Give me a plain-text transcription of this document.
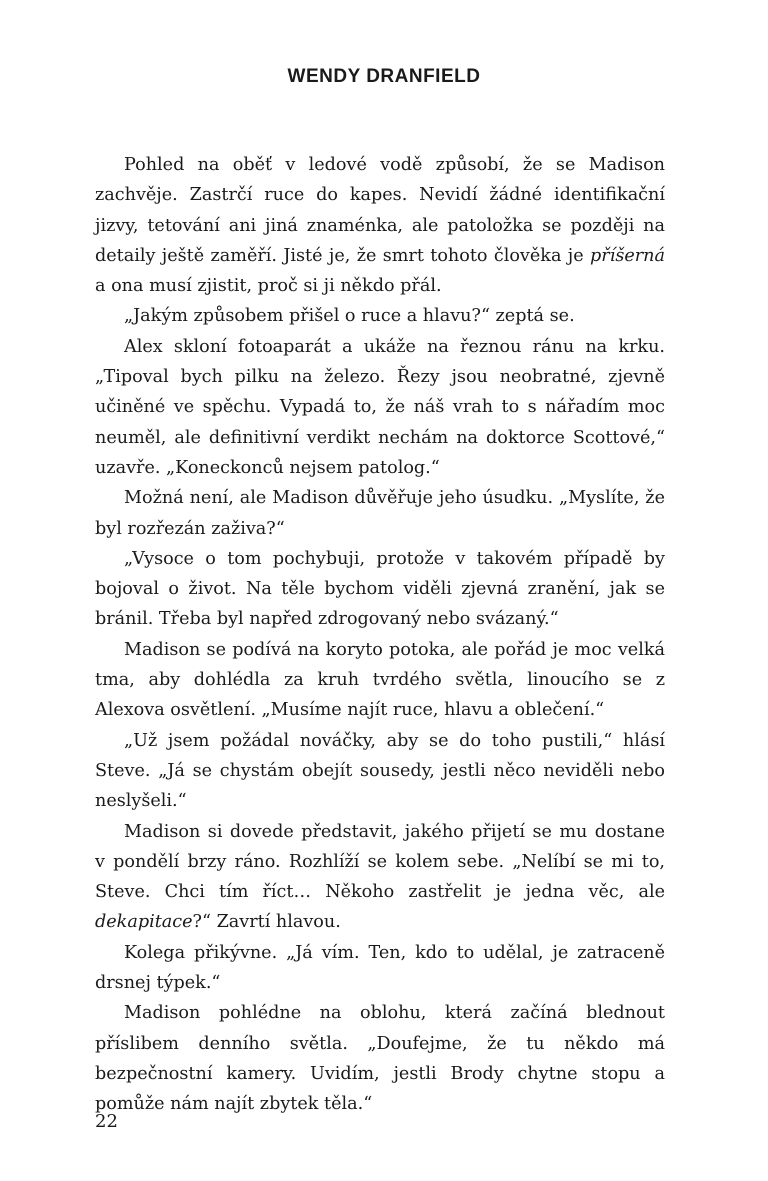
WENDY DRANFIELD

Pohled na oběť v ledové vodě způsobí, že se Madison zachvěje. Zastrčí ruce do kapes. Nevidí žádné identifikační jizvy, tetování ani jiná znaménka, ale patoložka se později na detaily ještě zaměří. Jisté je, že smrt tohoto člověka je příšerná a ona musí zjistit, proč si ji někdo přál.

„Jakým způsobem přišel o ruce a hlavu?“ zeptá se.

Alex skloní fotoaparát a ukáže na řeznou ránu na krku. „Tipoval bych pilku na železo. Řezy jsou neobratné, zjevně učiněné ve spěchu. Vypadá to, že náš vrah to s nářadím moc neuměl, ale definitivní verdikt nechám na doktorce Scottové,“ uzavře. „Koneckonců nejsem patolog.“

Možná není, ale Madison důvěřuje jeho úsudku. „Myslíte, že byl rozřezán zaživa?“

„Vysoce o tom pochybuji, protože v takovém případě by bojoval o život. Na těle bychom viděli zjevná zranění, jak se bránil. Třeba byl napřed zdrogovaný nebo svázaný.“

Madison se podívá na koryto potoka, ale pořád je moc velká tma, aby dohlédla za kruh tvrdého světla, linoucího se z Alexova osvětlení. „Musíme najít ruce, hlavu a oblečení.“

„Už jsem požádal nováčky, aby se do toho pustili,“ hlásí Steve. „Já se chystám obejít sousedy, jestli něco neviděli nebo neslyšeli.“

Madison si dovede představit, jakého přijetí se mu dostane v pondělí brzy ráno. Rozhlíží se kolem sebe. „Nelíbí se mi to, Steve. Chci tím říct… Někoho zastřelit je jedna věc, ale dekapitace?“ Zavrtí hlavou.

Kolega přikývne. „Já vím. Ten, kdo to udělal, je zatraceně drsnej týpek.“

Madison pohlédne na oblohu, která začíná blednout příslibem denního světla. „Doufejme, že tu někdo má bezpečnostní kamery. Uvidím, jestli Brody chytne stopu a pomůže nám najít zbytek těla.“

22
